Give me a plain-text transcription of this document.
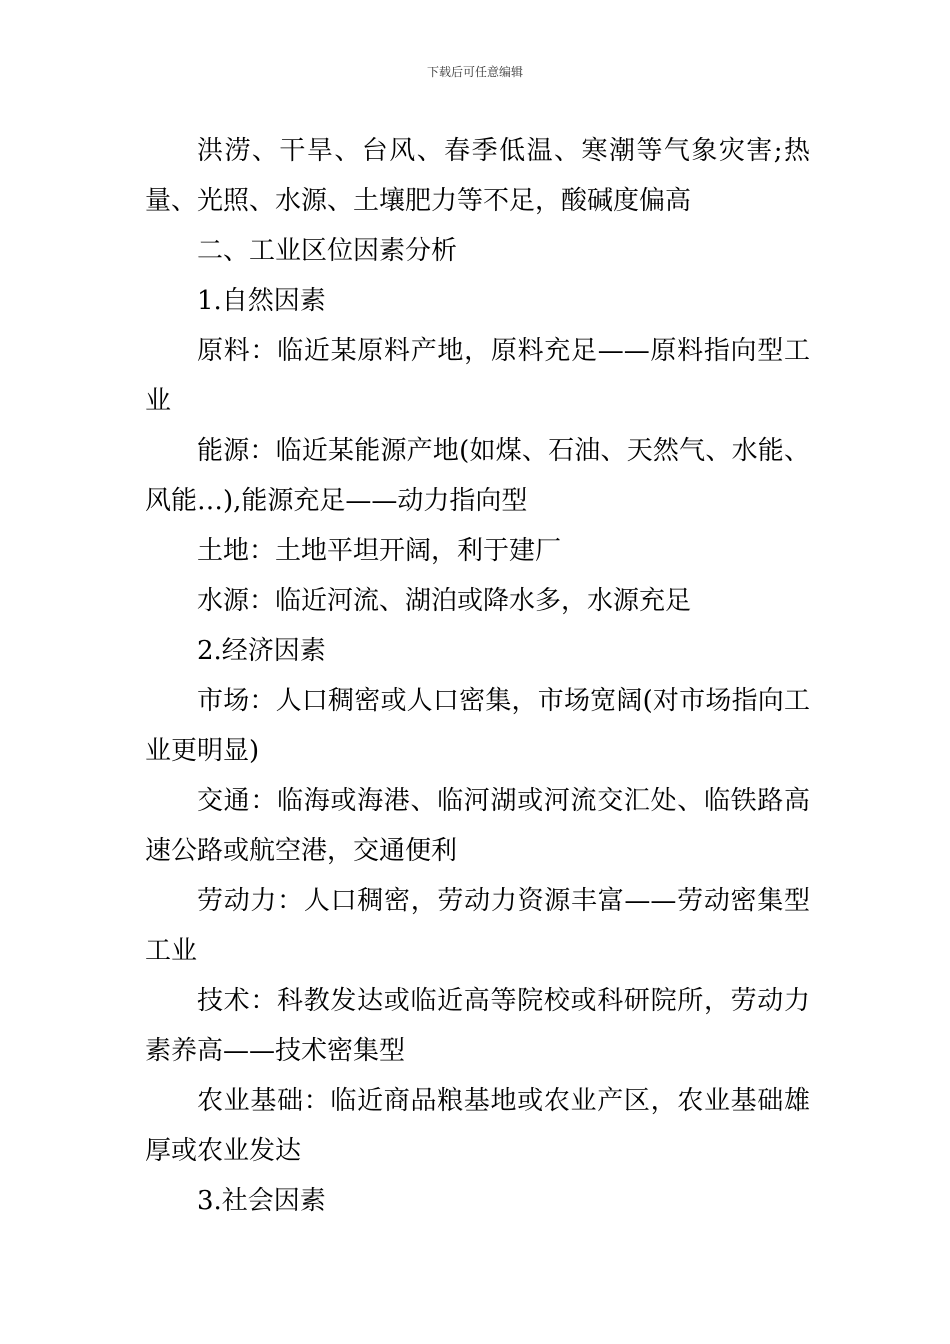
下载后可任意编辑

洪涝、干旱、台风、春季低温、寒潮等气象灾害;热量、光照、水源、土壤肥力等不足，酸碱度偏高

二、工业区位因素分析

1.自然因素

原料：临近某原料产地，原料充足——原料指向型工业

能源：临近某能源产地(如煤、石油、天然气、水能、风能…),能源充足——动力指向型

土地：土地平坦开阔，利于建厂

水源：临近河流、湖泊或降水多，水源充足

2.经济因素

市场：人口稠密或人口密集，市场宽阔(对市场指向工业更明显)

交通：临海或海港、临河湖或河流交汇处、临铁路高速公路或航空港，交通便利

劳动力：人口稠密，劳动力资源丰富——劳动密集型工业

技术：科教发达或临近高等院校或科研院所，劳动力素养高——技术密集型

农业基础：临近商品粮基地或农业产区，农业基础雄厚或农业发达

3.社会因素
